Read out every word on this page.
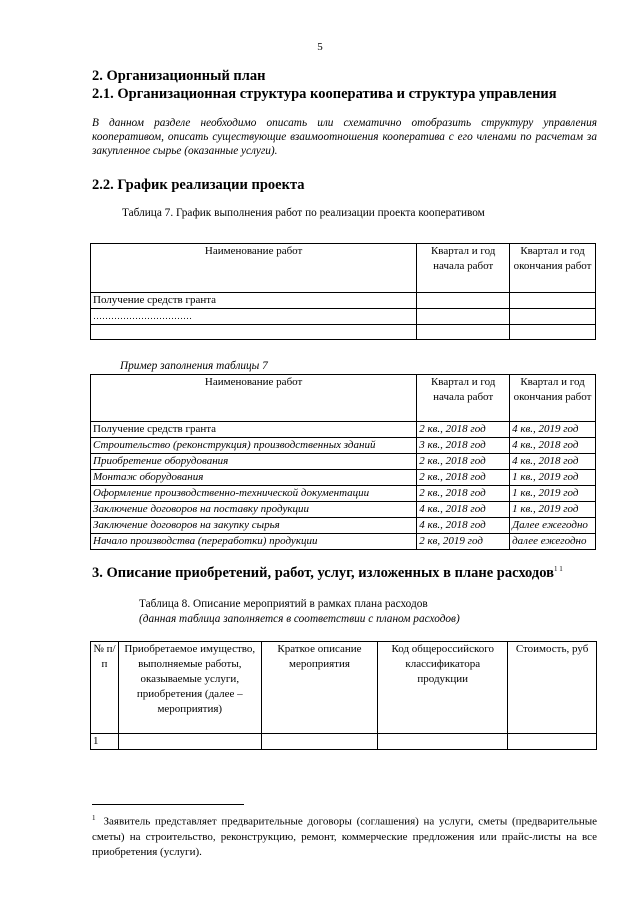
5
2. Организационный план
2.1. Организационная структура кооператива и структура управления
В данном разделе необходимо описать или схематично отобразить структуру управления кооперативом, описать существующие взаимоотношения кооператива с его членами по расчетам за закупленное сырье (оказанные услуги).
2.2. График реализации проекта
Таблица 7. График выполнения работ по реализации проекта кооперативом
Наименование работ	Квартал и год начала работ	Квартал и год окончания работ
Получение средств гранта		
……………………………		

Пример заполнения таблицы 7
Наименование работ	Квартал и год начала работ	Квартал и год окончания работ
Получение средств гранта	2 кв., 2018 год	4 кв., 2019 год
Строительство (реконструкция) производственных зданий	3 кв., 2018 год	4 кв., 2018 год
Приобретение оборудования	2 кв., 2018 год	4 кв., 2018 год
Монтаж оборудования	2 кв., 2018 год	1 кв., 2019 год
Оформление производственно-технической документации	2 кв., 2018 год	1 кв., 2019 год
Заключение договоров на поставку продукции	4 кв., 2018 год	1 кв., 2019 год
Заключение договоров на закупку сырья	4 кв., 2018 год	Далее ежегодно
Начало производства (переработки) продукции	2 кв, 2019 год	далее ежегодно
3. Описание приобретений, работ, услуг, изложенных в плане расходов$^{1 1}$
Таблица 8. Описание мероприятий в рамках плана расходов
(данная таблица заполняется в соответствии с планом расходов)
№ п/п	Приобретаемое имущество, выполняемые работы, оказываемые услуги, приобретения (далее – мероприятия)	Краткое описание мероприятия	Код общероссийского классификатора продукции	Стоимость, руб
1				
$^1$ Заявитель представляет предварительные договоры (соглашения) на услуги, сметы (предварительные сметы) на строительство, реконструкцию, ремонт, коммерческие предложения или прайс-листы на все приобретения (услуги).
